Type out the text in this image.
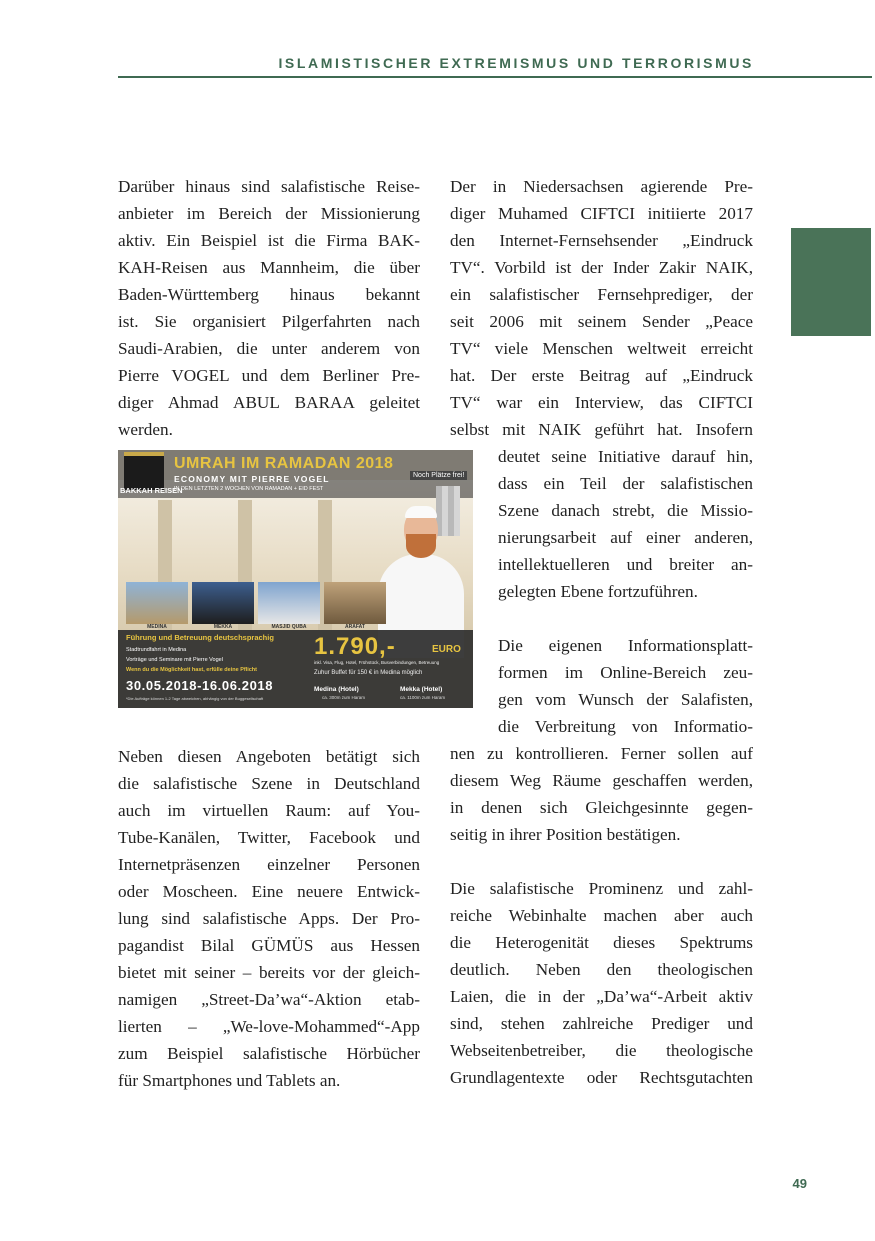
ISLAMISTISCHER EXTREMISMUS UND TERRORISMUS

Darüber hinaus sind salafistische Reise-
anbieter im Bereich der Missionierung
aktiv. Ein Beispiel ist die Firma BAK-
KAH-Reisen aus Mannheim, die über
Baden-Württemberg hinaus bekannt
ist. Sie organisiert Pilgerfahrten nach
Saudi-Arabien, die unter anderem von
Pierre VOGEL und dem Berliner Pre-
diger Ahmad ABUL BARAA geleitet
werden.

BAKKAH REISEN
UMRAH IM RAMADAN 2018
ECONOMY MIT PIERRE VOGEL
IN DEN LETZTEN 2 WOCHEN VON RAMADAN + EID FEST
Noch Plätze frei!
MEDINA	MEKKA	MASJID QUBA	ARAFAT
Führung und Betreuung deutschsprachig
Stadtrundfahrt in Medina
Vorträge und Seminare mit Pierre Vogel
Wenn du die Möglichkeit hast, erfülle deine Pflicht
30.05.2018-16.06.2018
*Die Aufträge können 1-2 Tage abweichen, abhängig von der Buggesellschaft
1.790,-	EURO
inkl. Visa, Flug, Hotel, Frühstück, Busverbindungen, Betreuung
Zuhur Buffet für 150 € in Medina möglich
Medina (Hotel)
ca. 300m zum Haram
Mekka (Hotel)
ca. 1100m zum Haram

Neben diesen Angeboten betätigt sich
die salafistische Szene in Deutschland
auch im virtuellen Raum: auf You-
Tube-Kanälen, Twitter, Facebook und
Internetpräsenzen einzelner Personen
oder Moscheen. Eine neuere Entwick-
lung sind salafistische Apps. Der Pro-
pagandist Bilal GÜMÜS aus Hessen
bietet mit seiner – bereits vor der gleich-
namigen „Street-Da’wa“-Aktion etab-
lierten – „We-love-Mohammed“-App
zum Beispiel salafistische Hörbücher
für Smartphones und Tablets an.

Der in Niedersachsen agierende Pre-
diger Muhamed CIFTCI initiierte 2017
den Internet-Fernsehsender „Eindruck
TV“. Vorbild ist der Inder Zakir NAIK,
ein salafistischer Fernsehprediger, der
seit 2006 mit seinem Sender „Peace
TV“ viele Menschen weltweit erreicht
hat. Der erste Beitrag auf „Eindruck
TV“ war ein Interview, das CIFTCI
selbst mit NAIK geführt hat. Insofern
deutet seine Initiative darauf hin,
dass ein Teil der salafistischen
Szene danach strebt, die Missio-
nierungsarbeit auf einer anderen,
intellektuelleren und breiter an-
gelegten Ebene fortzuführen.

Die eigenen Informationsplatt-
formen im Online-Bereich zeu-
gen vom Wunsch der Salafisten,
die Verbreitung von Informatio-
nen zu kontrollieren. Ferner sollen auf
diesem Weg Räume geschaffen werden,
in denen sich Gleichgesinnte gegen-
seitig in ihrer Position bestätigen.

Die salafistische Prominenz und zahl-
reiche Webinhalte machen aber auch
die Heterogenität dieses Spektrums
deutlich. Neben den theologischen
Laien, die in der „Da’wa“-Arbeit aktiv
sind, stehen zahlreiche Prediger und
Webseitenbetreiber, die theologische
Grundlagentexte oder Rechtsgutachten

49
